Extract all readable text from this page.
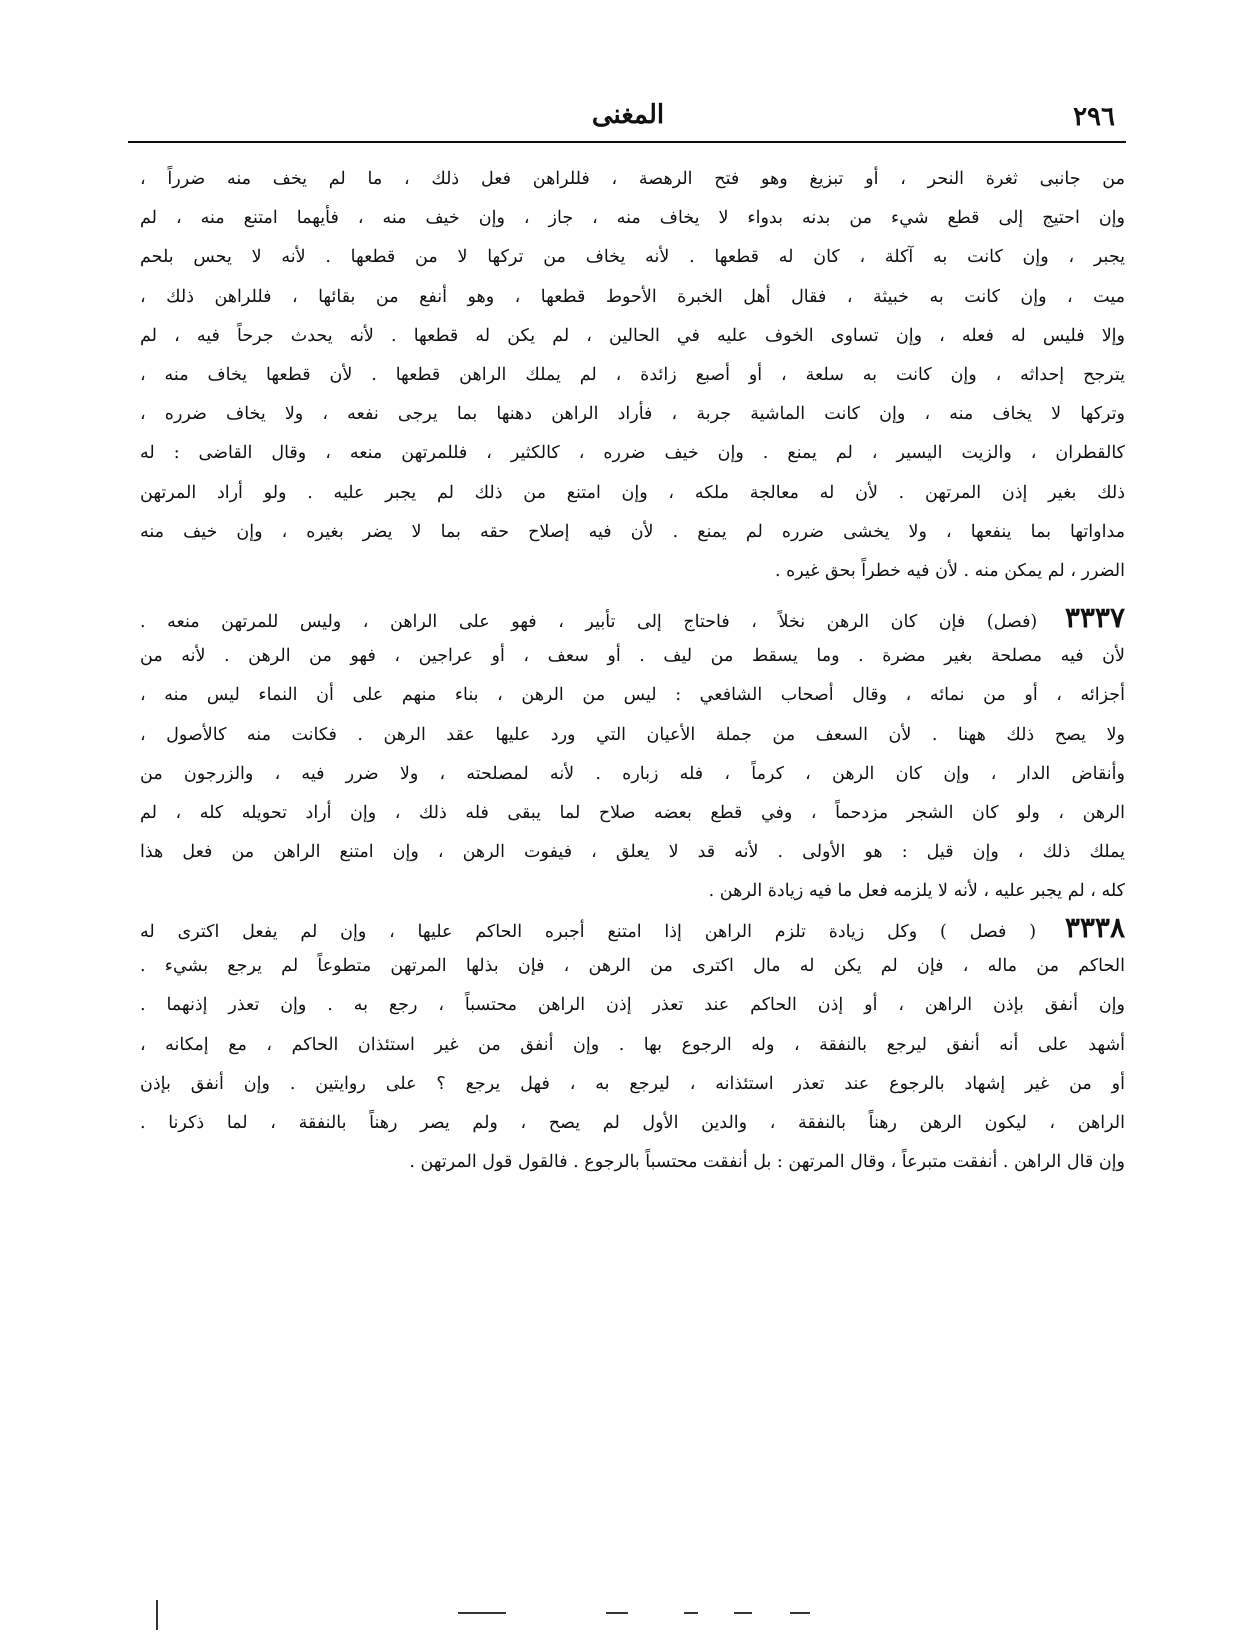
٢٩٦
المغنى
من جانبى ثغرة النحر ، أو تبزيغ وهو فتح الرهصة ، فللراهن فعل ذلك ، ما لم يخف منه ضرراً ،
وإن احتيج إلى قطع شيء من بدنه بدواء لا يخاف منه ، جاز ، وإن خيف منه ، فأيهما امتنع منه ، لم
يجبر ، وإن كانت به آكلة ، كان له قطعها . لأنه يخاف من تركها لا من قطعها . لأنه لا يحس بلحم
ميت ، وإن كانت به خبيثة ، فقال أهل الخبرة الأحوط قطعها ، وهو أنفع من بقائها ، فللراهن ذلك ،
وإلا فليس له فعله ، وإن تساوى الخوف عليه في الحالين ، لم يكن له قطعها . لأنه يحدث جرحاً فيه ، لم
يترجح إحداثه ، وإن كانت به سلعة ، أو أصبع زائدة ، لم يملك الراهن قطعها . لأن قطعها يخاف منه ،
وتركها لا يخاف منه ، وإن كانت الماشية جربة ، فأراد الراهن دهنها بما يرجى نفعه ، ولا يخاف ضرره ،
كالقطران ، والزيت اليسير ، لم يمنع . وإن خيف ضرره ، كالكثير ، فللمرتهن منعه ، وقال القاضى : له
ذلك بغير إذن المرتهن . لأن له معالجة ملكه ، وإن امتنع من ذلك لم يجبر عليه . ولو أراد المرتهن
مداواتها بما ينفعها ، ولا يخشى ضرره لم يمنع . لأن فيه إصلاح حقه بما لا يضر بغيره ، وإن خيف منه
الضرر ، لم يمكن منه . لأن فيه خطراً بحق غيره .
٣٣٣٧ (فصل) فإن كان الرهن نخلاً ، فاحتاج إلى تأبير ، فهو على الراهن ، وليس للمرتهن منعه .
لأن فيه مصلحة بغير مضرة . وما يسقط من ليف . أو سعف ، أو عراجين ، فهو من الرهن . لأنه من
أجزائه ، أو من نمائه ، وقال أصحاب الشافعي : ليس من الرهن ، بناء منهم على أن النماء ليس منه ،
ولا يصح ذلك ههنا . لأن السعف من جملة الأعيان التي ورد عليها عقد الرهن . فكانت منه كالأصول ،
وأنقاض الدار ، وإن كان الرهن ، كرماً ، فله زباره . لأنه لمصلحته ، ولا ضرر فيه ، والزرجون من
الرهن ، ولو كان الشجر مزدحماً ، وفي قطع بعضه صلاح لما يبقى فله ذلك ، وإن أراد تحويله كله ، لم
يملك ذلك ، وإن قيل : هو الأولى . لأنه قد لا يعلق ، فيفوت الرهن ، وإن امتنع الراهن من فعل هذا
كله ، لم يجبر عليه ، لأنه لا يلزمه فعل ما فيه زيادة الرهن .
٣٣٣٨ ( فصل ) وكل زيادة تلزم الراهن إذا امتنع أجبره الحاكم عليها ، وإن لم يفعل اكترى له
الحاكم من ماله ، فإن لم يكن له مال اكترى من الرهن ، فإن بذلها المرتهن متطوعاً لم يرجع بشيء .
وإن أنفق بإذن الراهن ، أو إذن الحاكم عند تعذر إذن الراهن محتسباً ، رجع به . وإن تعذر إذنهما .
أشهد على أنه أنفق ليرجع بالنفقة ، وله الرجوع بها . وإن أنفق من غير استئذان الحاكم ، مع إمكانه ،
أو من غير إشهاد بالرجوع عند تعذر استئذانه ، ليرجع به ، فهل يرجع ؟ على روايتين . وإن أنفق بإذن
الراهن ، ليكون الرهن رهناً بالنفقة ، والدين الأول لم يصح ، ولم يصر رهناً بالنفقة ، لما ذكرنا .
وإن قال الراهن . أنفقت متبرعاً ، وقال المرتهن : بل أنفقت محتسباً بالرجوع . فالقول قول المرتهن .
